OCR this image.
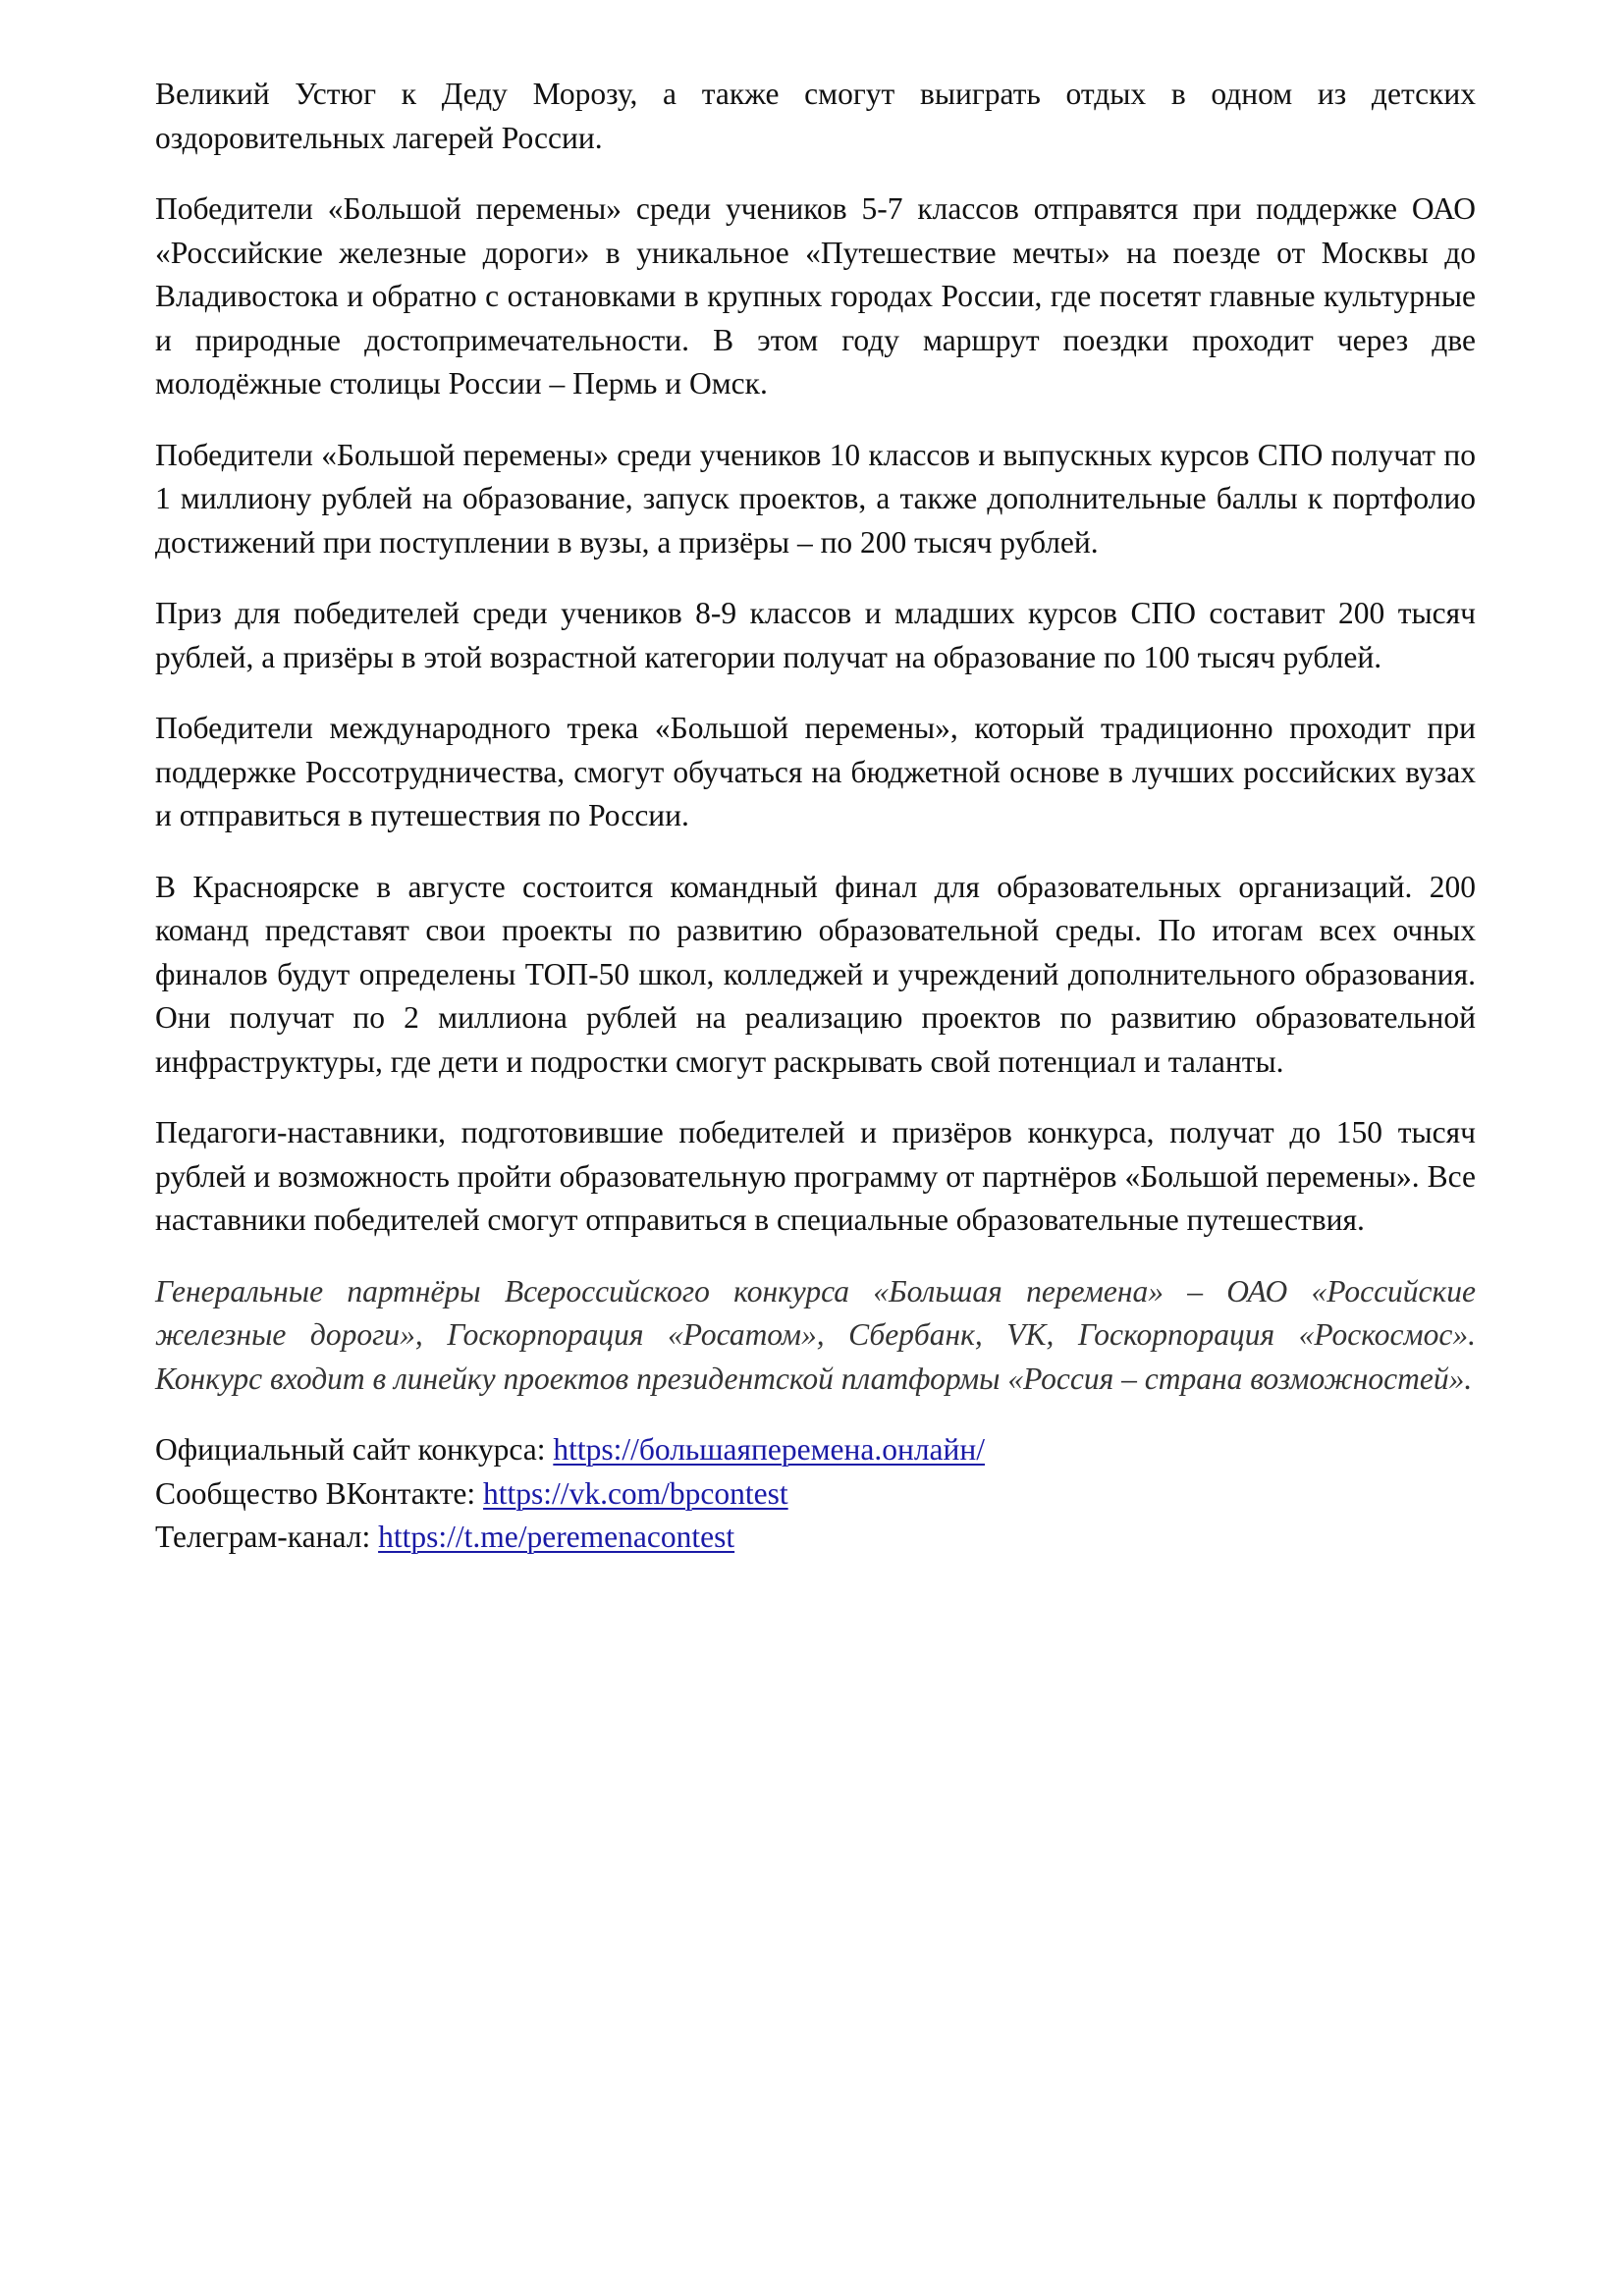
Великий Устюг к Деду Морозу, а также смогут выиграть отдых в одном из детских оздоровительных лагерей России.

Победители «Большой перемены» среди учеников 5-7 классов отправятся при поддержке ОАО «Российские железные дороги» в уникальное «Путешествие мечты» на поезде от Москвы до Владивостока и обратно с остановками в крупных городах России, где посетят главные культурные и природные достопримечательности. В этом году маршрут поездки проходит через две молодёжные столицы России – Пермь и Омск.

Победители «Большой перемены» среди учеников 10 классов и выпускных курсов СПО получат по 1 миллиону рублей на образование, запуск проектов, а также дополнительные баллы к портфолио достижений при поступлении в вузы, а призёры – по 200 тысяч рублей.

Приз для победителей среди учеников 8-9 классов и младших курсов СПО составит 200 тысяч рублей, а призёры в этой возрастной категории получат на образование по 100 тысяч рублей.

Победители международного трека «Большой перемены», который традиционно проходит при поддержке Россотрудничества, смогут обучаться на бюджетной основе в лучших российских вузах и отправиться в путешествия по России.

В Красноярске в августе состоится командный финал для образовательных организаций. 200 команд представят свои проекты по развитию образовательной среды. По итогам всех очных финалов будут определены ТОП-50 школ, колледжей и учреждений дополнительного образования. Они получат по 2 миллиона рублей на реализацию проектов по развитию образовательной инфраструктуры, где дети и подростки смогут раскрывать свой потенциал и таланты.

Педагоги-наставники, подготовившие победителей и призёров конкурса, получат до 150 тысяч рублей и возможность пройти образовательную программу от партнёров «Большой перемены». Все наставники победителей смогут отправиться в специальные образовательные путешествия.

Генеральные партнёры Всероссийского конкурса «Большая перемена» – ОАО «Российские железные дороги», Госкорпорация «Росатом», Сбербанк, VK, Госкорпорация «Роскосмос». Конкурс входит в линейку проектов президентской платформы «Россия – страна возможностей».

Официальный сайт конкурса: https://большаяперемена.онлайн/

Сообщество ВКонтакте: https://vk.com/bpcontest

Телеграм-канал: https://t.me/peremenacontest
